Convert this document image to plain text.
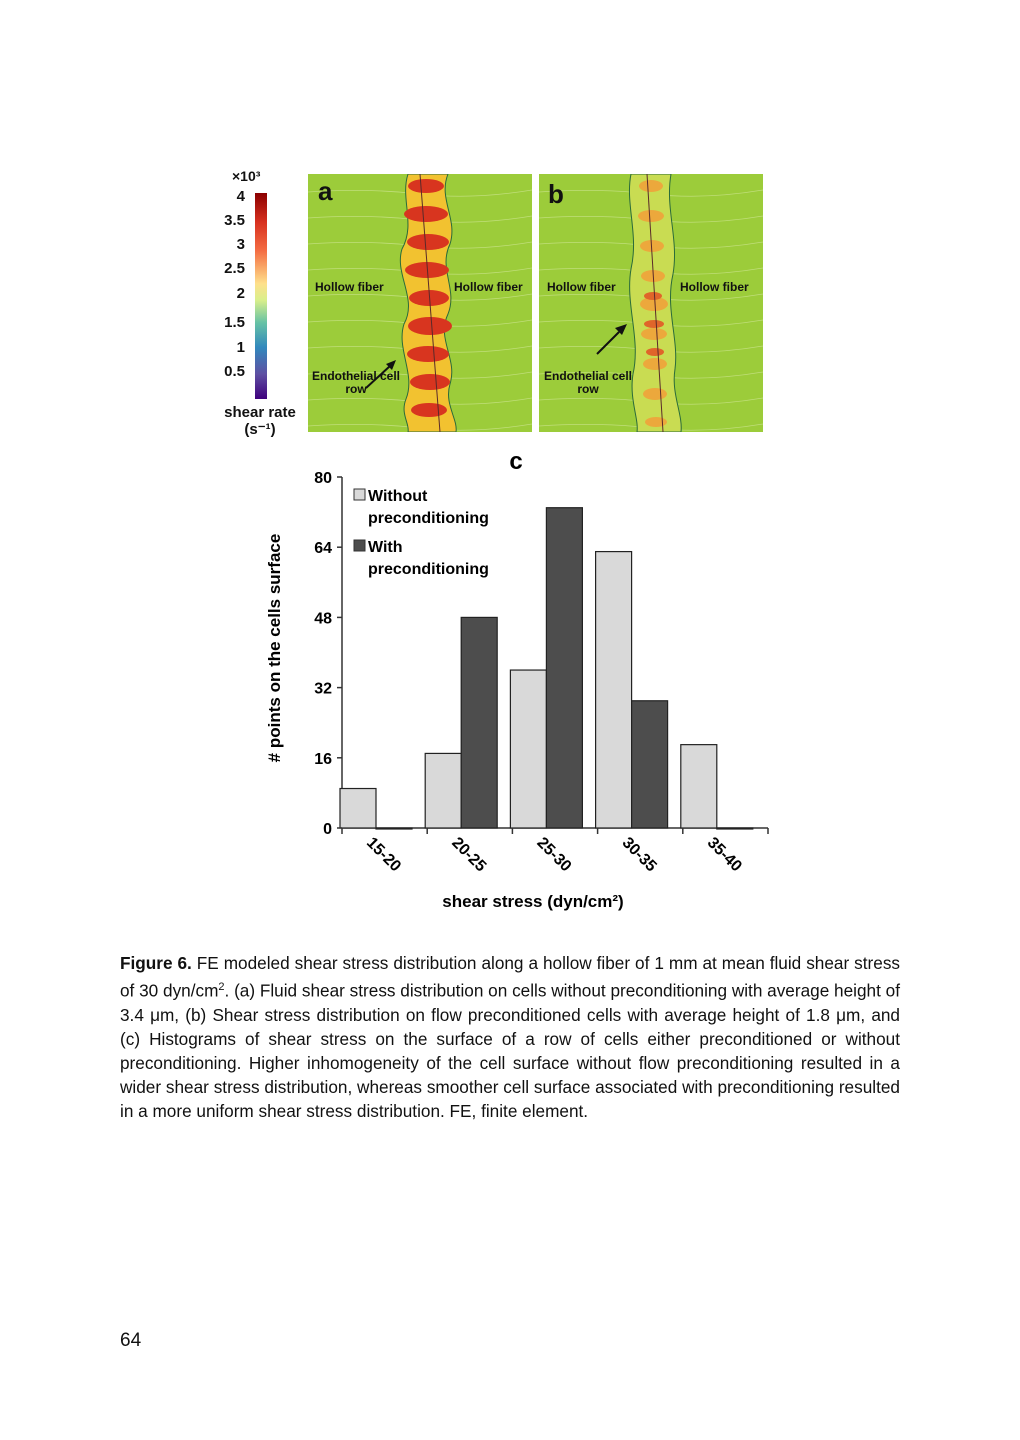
×10³
4
3.5
3
2.5
2
1.5
1
0.5
shear rate
(s⁻¹)
a
Hollow fiber	Hollow fiber
Endothelial cell
row
b
Hollow fiber	Hollow fiber
Endothelial cell
row
c
# points on the cells surface
shear stress (dyn/cm²)
0
16
32
48
64
80
15-20	20-25	25-30	30-35	35-40
Without
preconditioning
With
preconditioning
Figure 6. FE modeled shear stress distribution along a hollow fiber of 1 mm at mean fluid shear stress of 30 dyn/$cm^2$. (a) Fluid shear stress distribution on cells without preconditioning with average height of 3.4 μm, (b) Shear stress distribution on flow preconditioned cells with average height of 1.8 μm, and (c) Histograms of shear stress on the surface of a row of cells either preconditioned or without preconditioning. Higher inhomogeneity of the cell surface without flow preconditioning resulted in a wider shear stress distribution, whereas smoother cell surface associated with preconditioning resulted in a more uniform shear stress distribution. FE, finite element.
64
